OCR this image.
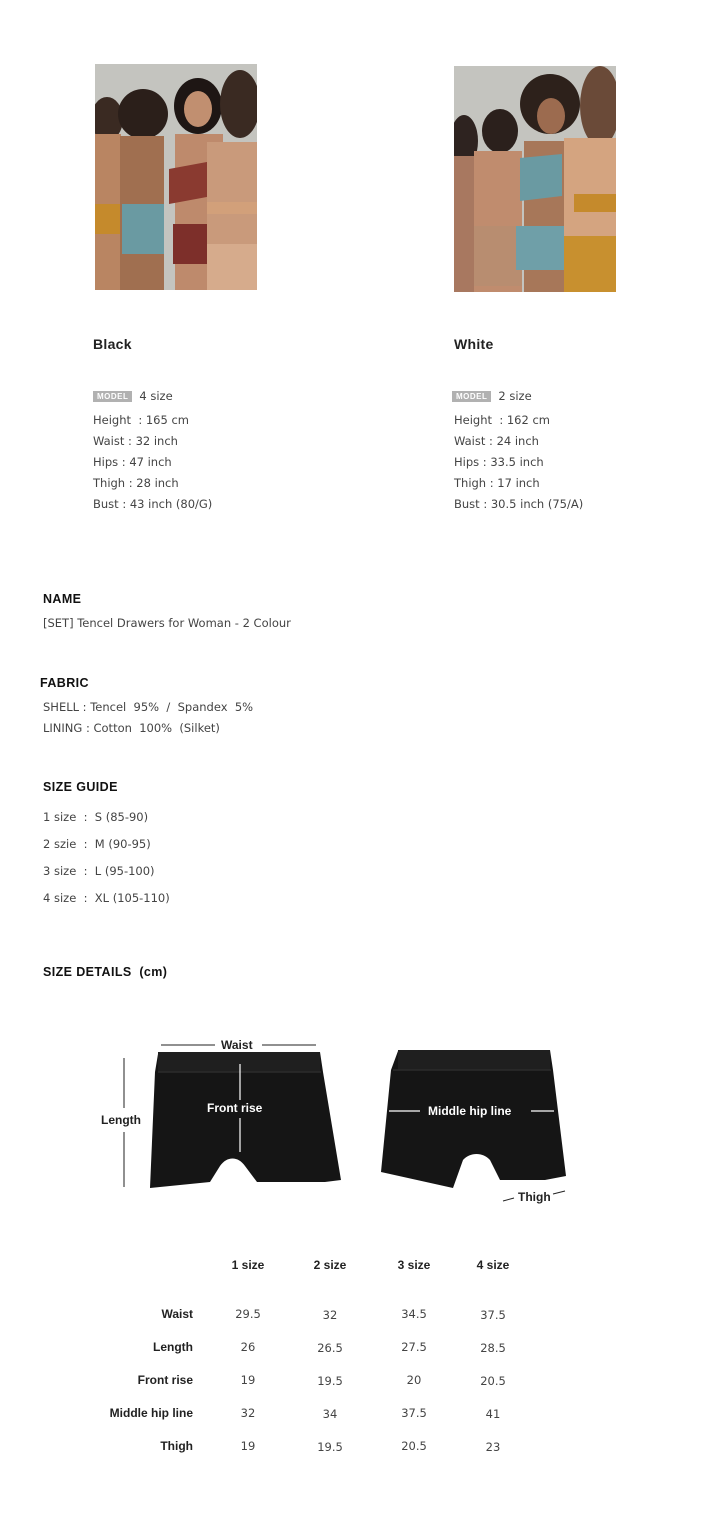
Black	White
MODEL 4 size
Height  : 165 cm
Waist : 32 inch
Hips : 47 inch
Thigh : 28 inch
Bust : 43 inch (80/G)
MODEL 2 size
Height  : 162 cm
Waist : 24 inch
Hips : 33.5 inch
Thigh : 17 inch
Bust : 30.5 inch (75/A)
NAME
[SET] Tencel Drawers for Woman - 2 Colour
FABRIC
SHELL : Tencel  95%  /  Spandex  5%
LINING : Cotton  100%  (Silket)
SIZE GUIDE
1 size  :  S (85-90)
2 szie  :  M (90-95)
3 size  :  L (95-100)
4 size  :  XL (105-110)
SIZE DETAILS  (cm)
Waist
Length
Front rise	Middle hip line
Thigh
1 size	2 size	3 size	4 size
Waist	29.5	32	34.5	37.5
Length	26	26.5	27.5	28.5
Front rise	19	19.5	20	20.5
Middle hip line	32	34	37.5	41
Thigh	19	19.5	20.5	23
